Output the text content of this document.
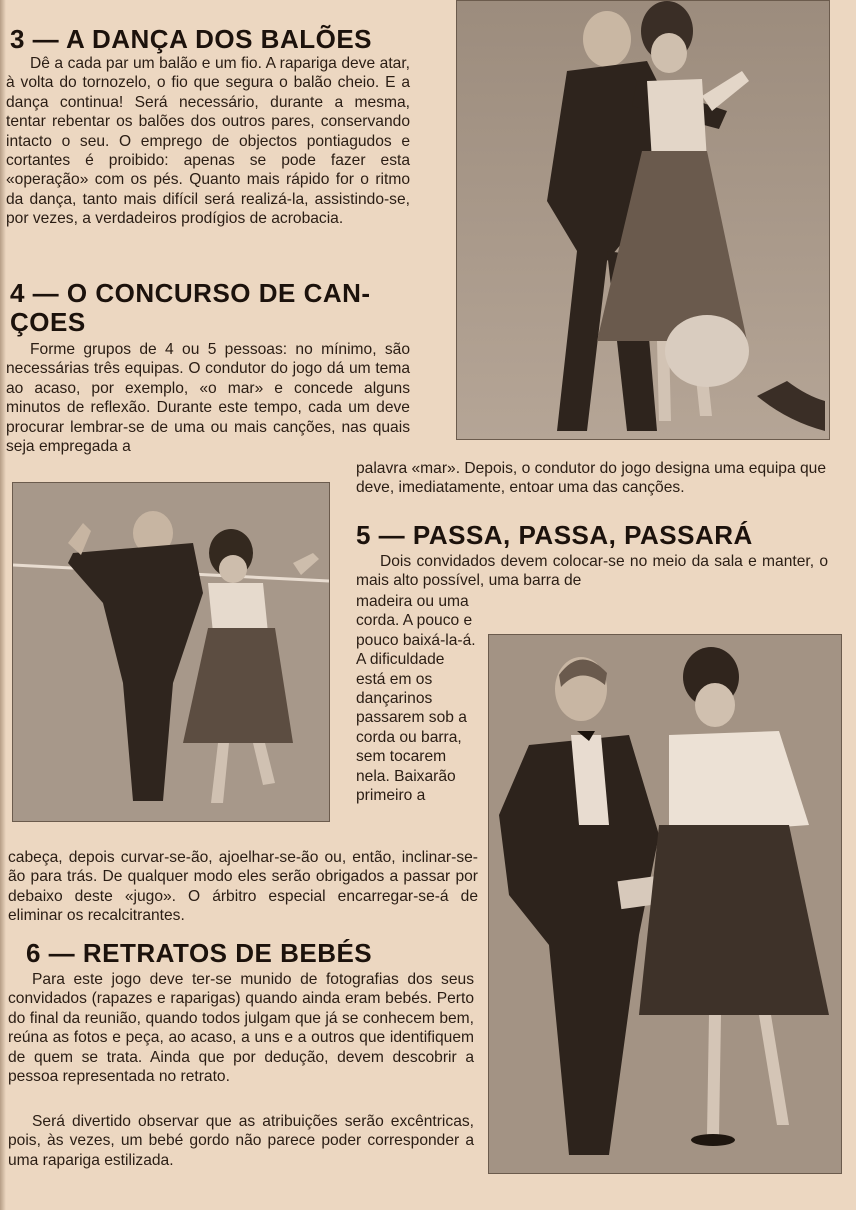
3 — A DANÇA DOS BALÕES

Dê a cada par um balão e um fio. A rapariga deve atar, à volta do tornozelo, o fio que segura o balão cheio. E a dança continua! Será necessário, durante a mesma, tentar rebentar os balões dos outros pares, conservando intacto o seu. O emprego de objectos pontiagudos e cortantes é proibido: apenas se pode fazer esta «operação» com os pés. Quanto mais rápido for o ritmo da dança, tanto mais difícil será realizá-la, assistindo-se, por vezes, a verdadeiros prodígios de acrobacia.

4 — O CONCURSO DE CAN-
ÇOES

Forme grupos de 4 ou 5 pessoas: no mínimo, são necessárias três equipas. O condutor do jogo dá um tema ao acaso, por exemplo, «o mar» e concede alguns minutos de reflexão. Durante este tempo, cada um deve procurar lembrar-se de uma ou mais canções, nas quais seja empregada a

palavra «mar». Depois, o condutor do jogo designa uma equipa que deve, imediatamente, entoar uma das canções.

5 — PASSA, PASSA, PASSARÁ

Dois convidados devem colocar-se no meio da sala e manter, o mais alto possível, uma barra de

madeira ou uma corda. A pouco e pouco baixá-la-á. A dificuldade está em os dançarinos passarem sob a corda ou barra, sem tocarem nela. Baixarão primeiro a

cabeça, depois curvar-se-ão, ajoelhar-se-ão ou, então, inclinar-se-ão para trás. De qualquer modo eles serão obrigados a passar por debaixo deste «jugo». O árbitro especial encarregar-se-á de eliminar os recalcitrantes.

6 — RETRATOS DE BEBÉS

Para este jogo deve ter-se munido de fotografias dos seus convidados (rapazes e raparigas) quando ainda eram bebés. Perto do final da reunião, quando todos julgam que já se conhecem bem, reúna as fotos e peça, ao acaso, a uns e a outros que identifiquem de quem se trata. Ainda que por dedução, devem descobrir a pessoa representada no retrato.

Será divertido observar que as atribuições serão excêntricas, pois, às vezes, um bebé gordo não parece poder corresponder a uma rapariga estilizada.
